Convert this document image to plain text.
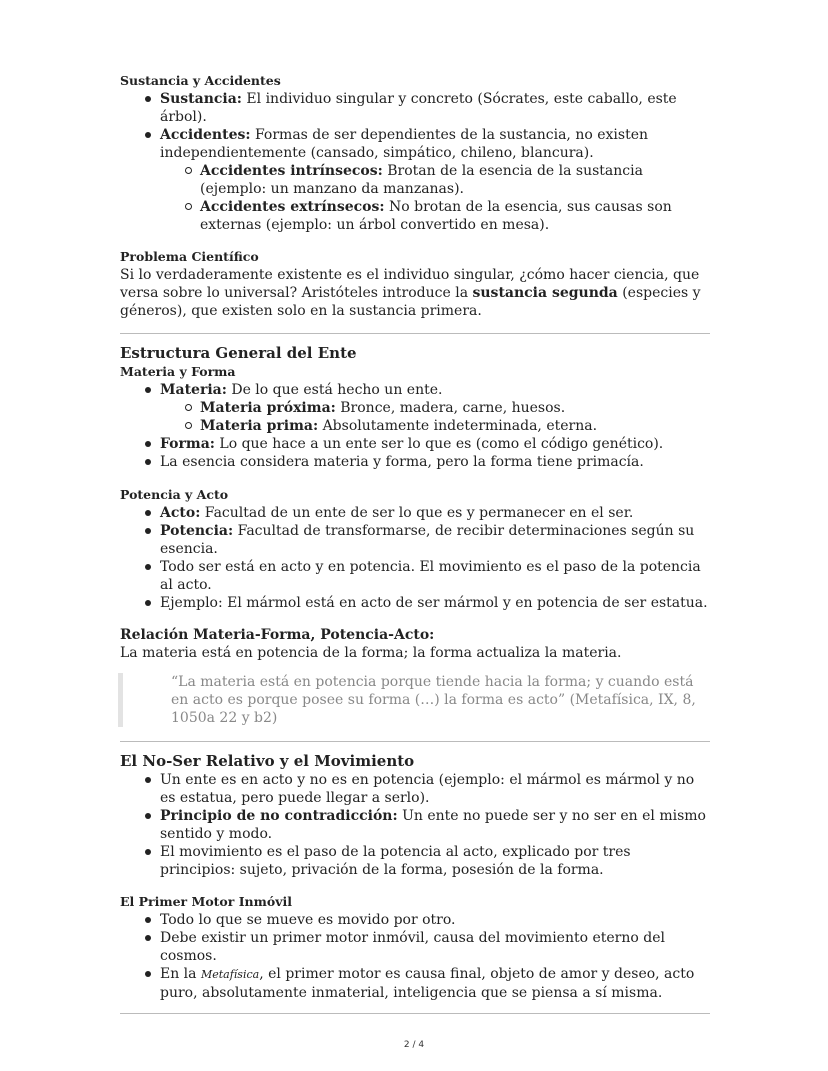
Sustancia y Accidentes
Sustancia: El individuo singular y concreto (Sócrates, este caballo, este árbol).
Accidentes: Formas de ser dependientes de la sustancia, no existen independientemente (cansado, simpático, chileno, blancura).
Accidentes intrínsecos: Brotan de la esencia de la sustancia (ejemplo: un manzano da manzanas).
Accidentes extrínsecos: No brotan de la esencia, sus causas son externas (ejemplo: un árbol convertido en mesa).
Problema Científico

Si lo verdaderamente existente es el individuo singular, ¿cómo hacer ciencia, que versa sobre lo universal? Aristóteles introduce la sustancia segunda (especies y géneros), que existen solo en la sustancia primera.

Estructura General del Ente
Materia y Forma
Materia: De lo que está hecho un ente.
Materia próxima: Bronce, madera, carne, huesos.
Materia prima: Absolutamente indeterminada, eterna.
Forma: Lo que hace a un ente ser lo que es (como el código genético).
La esencia considera materia y forma, pero la forma tiene primacía.
Potencia y Acto
Acto: Facultad de un ente de ser lo que es y permanecer en el ser.
Potencia: Facultad de transformarse, de recibir determinaciones según su esencia.
Todo ser está en acto y en potencia. El movimiento es el paso de la potencia al acto.
Ejemplo: El mármol está en acto de ser mármol y en potencia de ser estatua.

Relación Materia-Forma, Potencia-Acto:

La materia está en potencia de la forma; la forma actualiza la materia.

“La materia está en potencia porque tiende hacia la forma; y cuando está en acto es porque posee su forma (…) la forma es acto” (Metafísica, IX, 8, 1050a 22 y b2)
El No-Ser Relativo y el Movimiento
Un ente es en acto y no es en potencia (ejemplo: el mármol es mármol y no es estatua, pero puede llegar a serlo).
Principio de no contradicción: Un ente no puede ser y no ser en el mismo sentido y modo.
El movimiento es el paso de la potencia al acto, explicado por tres principios: sujeto, privación de la forma, posesión de la forma.
El Primer Motor Inmóvil
Todo lo que se mueve es movido por otro.
Debe existir un primer motor inmóvil, causa del movimiento eterno del cosmos.
En la Metafísica, el primer motor es causa final, objeto de amor y deseo, acto puro, absolutamente inmaterial, inteligencia que se piensa a sí misma.
2 / 4
